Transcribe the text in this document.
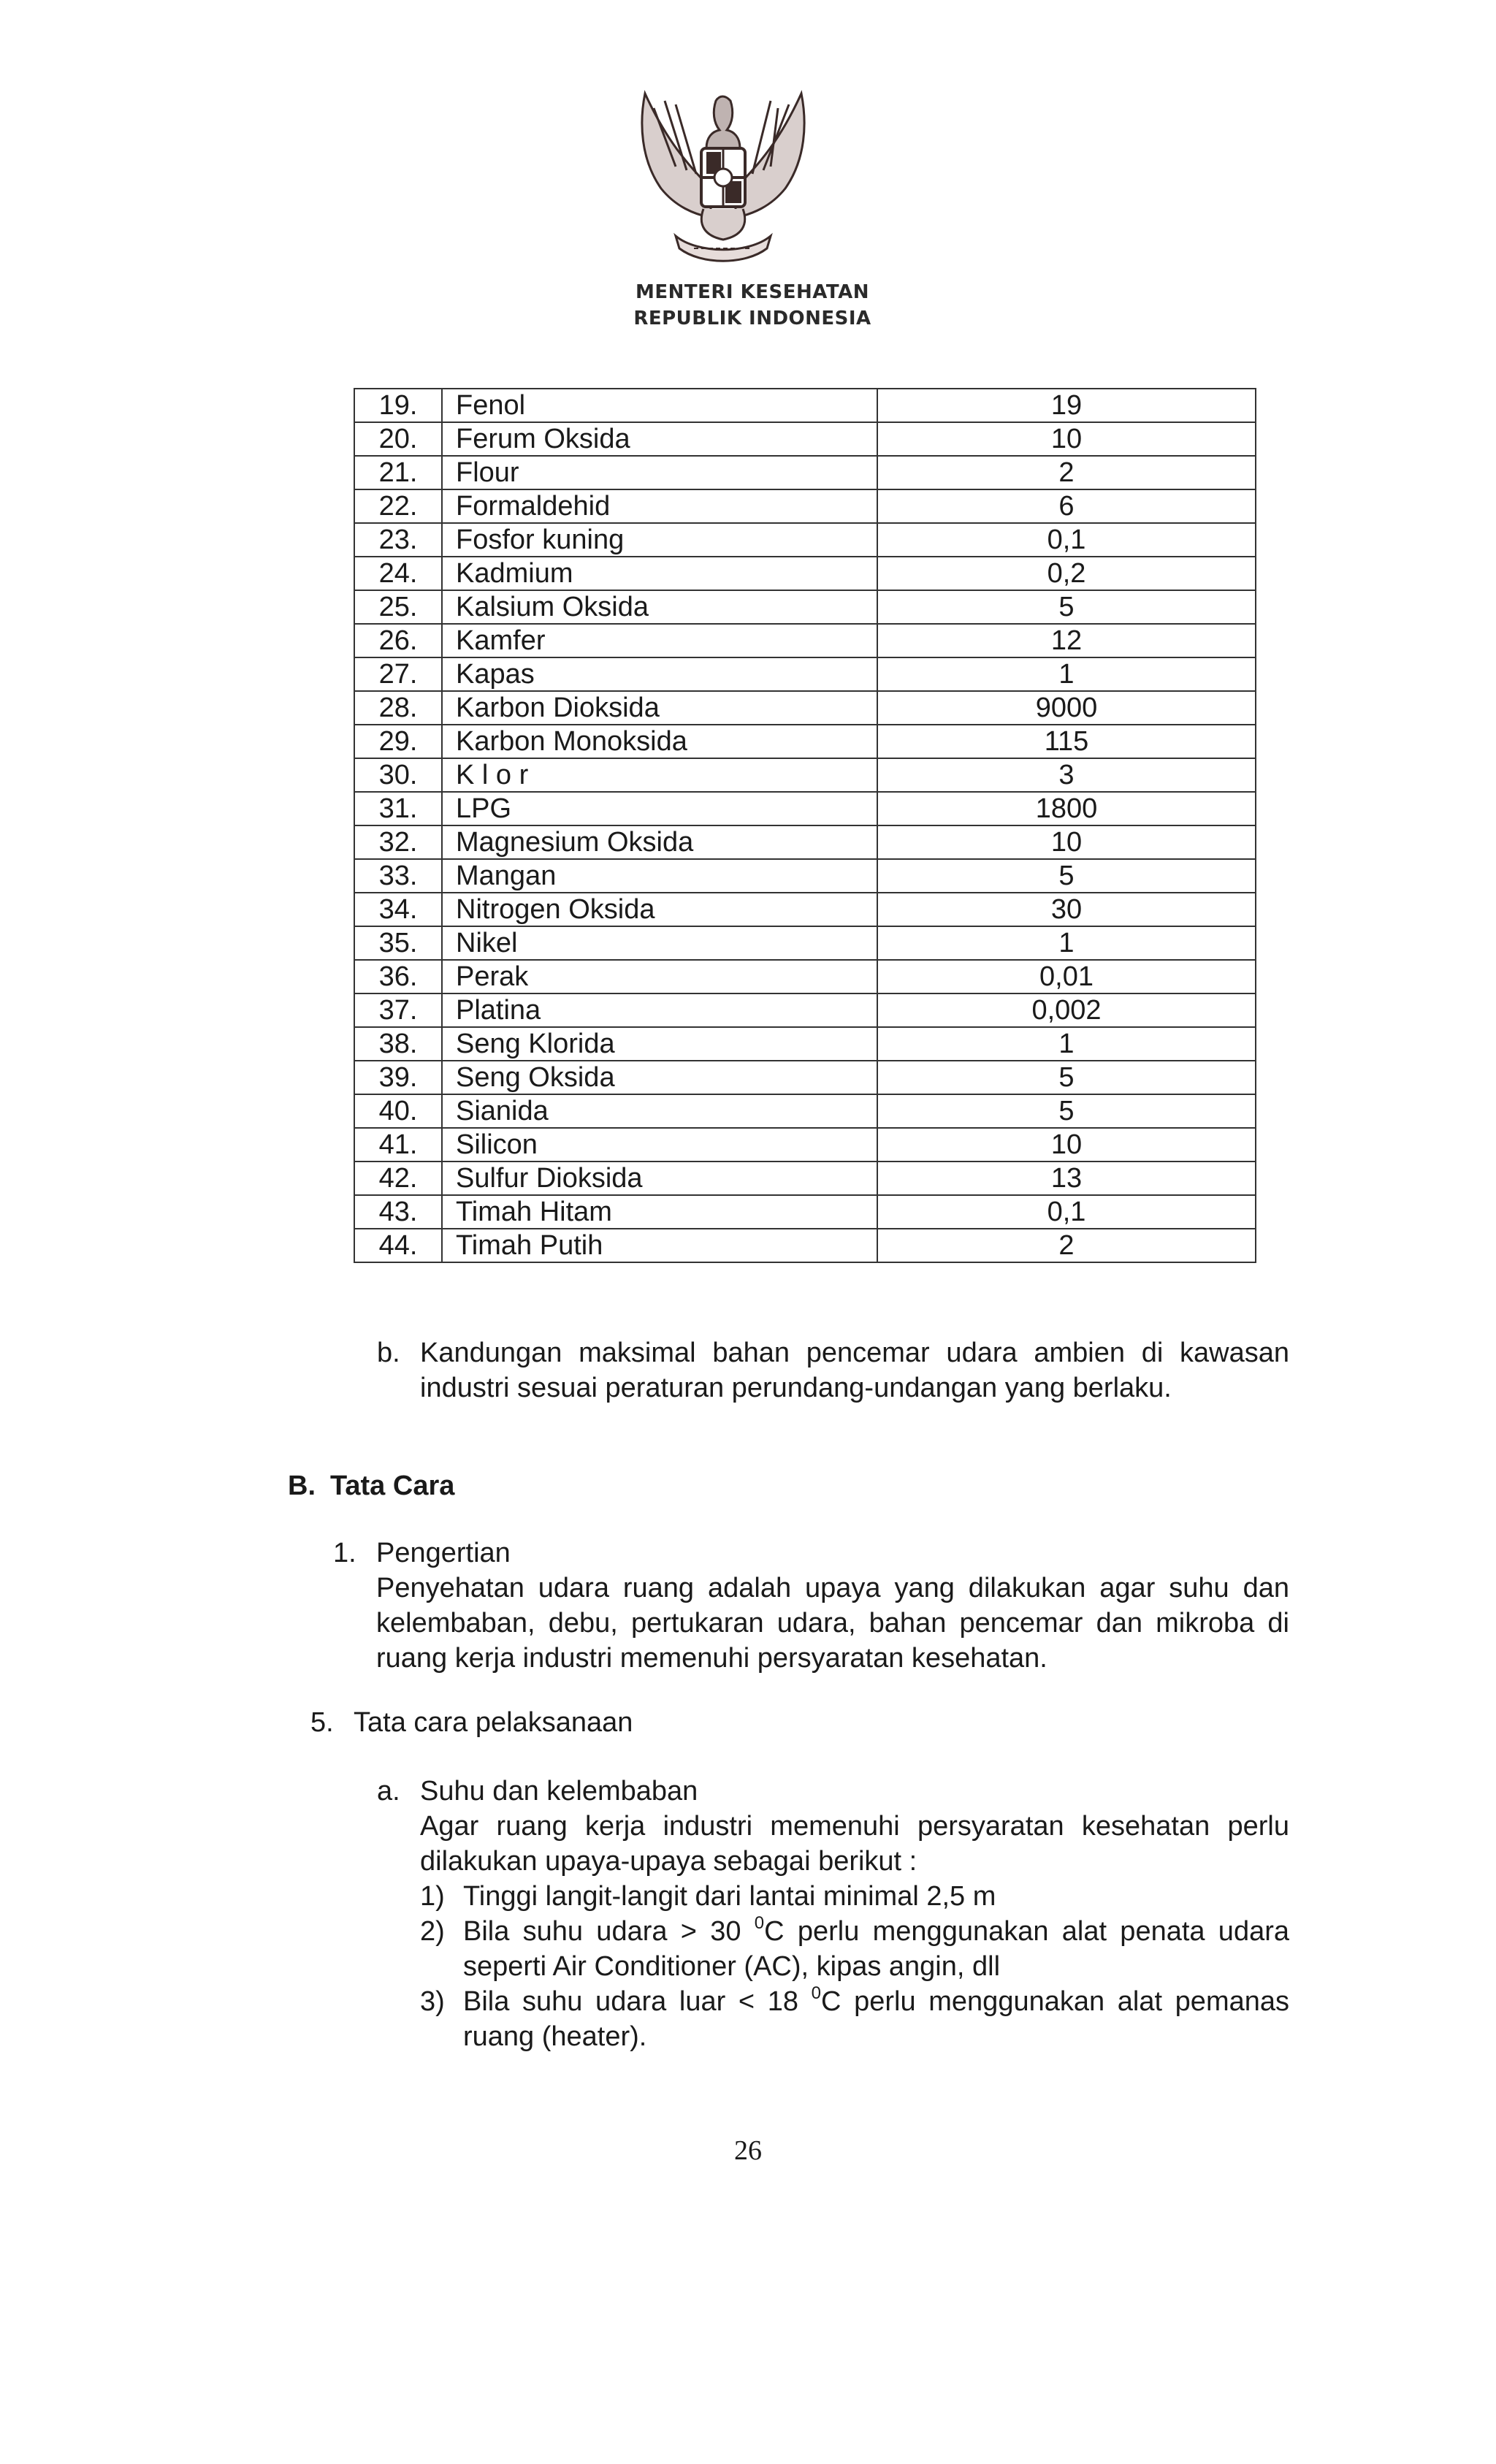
MENTERI KESEHATAN
REPUBLIK INDONESIA
19.	Fenol	19
20.	Ferum Oksida	10
21.	Flour	2
22.	Formaldehid	6
23.	Fosfor kuning	0,1
24.	Kadmium	0,2
25.	Kalsium Oksida	5
26.	Kamfer	12
27.	Kapas	1
28.	Karbon Dioksida	9000
29.	Karbon Monoksida	115
30.	K l o r	3
31.	LPG	1800
32.	Magnesium Oksida	10
33.	Mangan	5
34.	Nitrogen Oksida	30
35.	Nikel	1
36.	Perak	0,01
37.	Platina	0,002
38.	Seng Klorida	1
39.	Seng Oksida	5
40.	Sianida	5
41.	Silicon	10
42.	Sulfur Dioksida	13
43.	Timah Hitam	0,1
44.	Timah Putih	2
b. Kandungan maksimal bahan pencemar udara ambien di kawasan industri sesuai peraturan perundang-undangan yang berlaku.
B. Tata Cara
1. Pengertian
Penyehatan udara ruang adalah upaya yang dilakukan agar suhu dan kelembaban, debu, pertukaran udara, bahan pencemar dan mikroba di ruang kerja industri memenuhi persyaratan kesehatan.
5. Tata cara pelaksanaan
a. Suhu dan kelembaban
Agar ruang kerja industri memenuhi persyaratan kesehatan perlu dilakukan upaya-upaya sebagai berikut :
1) Tinggi langit-langit dari lantai minimal 2,5 m
2) Bila suhu udara > 30 $^0$C perlu menggunakan alat penata udara seperti Air Conditioner (AC), kipas angin, dll
3) Bila suhu udara luar < 18 $^0$C perlu menggunakan alat pemanas ruang (heater).
26
